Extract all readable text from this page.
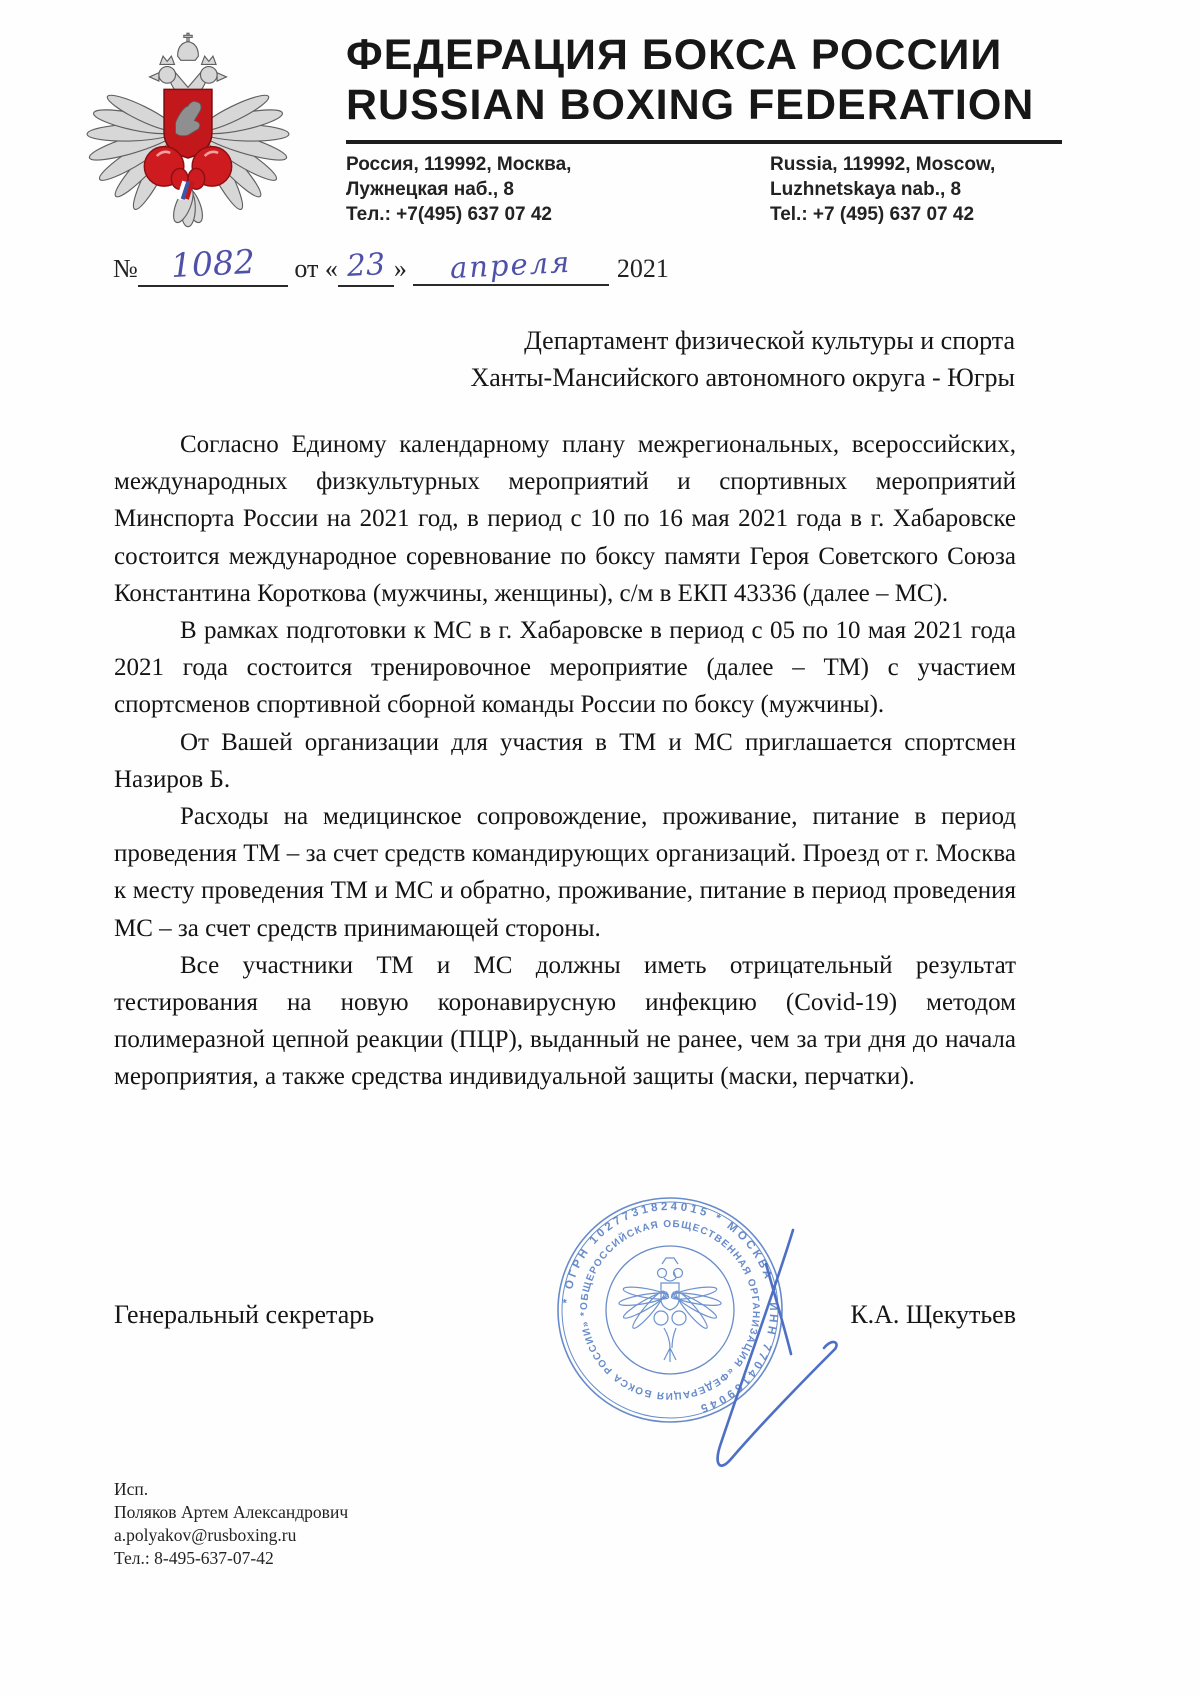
ФЕДЕРАЦИЯ БОКСА РОССИИ
RUSSIAN BOXING FEDERATION
Россия, 119992, Москва,
Лужнецкая наб., 8
Тел.: +7(495) 637 07 42
Russia, 119992, Moscow,
Luzhnetskaya nab., 8
Tel.: +7 (495) 637 07 42
№ 1082 от « 23 » апреля 2021
Департамент физической культуры и спорта
Ханты-Мансийского автономного округа - Югры

Согласно Единому календарному плану межрегиональных, всероссийских, международных физкультурных мероприятий и спортивных мероприятий Минспорта России на 2021 год, в период с 10 по 16 мая 2021 года в г. Хабаровске состоится международное соревнование по боксу памяти Героя Советского Союза Константина Короткова (мужчины, женщины), с/м в ЕКП 43336 (далее – МС).

В рамках подготовки к МС в г. Хабаровске в период с 05 по 10 мая 2021 года 2021 года состоится тренировочное мероприятие (далее – ТМ) с участием спортсменов спортивной сборной команды России по боксу (мужчины).

От Вашей организации для участия в ТМ и МС приглашается спортсмен Назиров Б.

Расходы на медицинское сопровождение, проживание, питание в период проведения ТМ – за счет средств командирующих организаций. Проезд от г. Москва к месту проведения ТМ и МС и обратно, проживание, питание в период проведения МС – за счет средств принимающей стороны.

Все участники ТМ и МС должны иметь отрицательный результат тестирования на новую коронавирусную инфекцию (Covid-19) методом полимеразной цепной реакции (ПЦР), выданный не ранее, чем за три дня до начала мероприятия, а также средства индивидуальной защиты (маски, перчатки).

Генеральный секретарь	К.А. Щекутьев
* ОГРН 1027731824015 * МОСКВА * ИНН 7704169045
ОБЩЕРОССИЙСКАЯ ОБЩЕСТВЕННАЯ ОРГАНИЗАЦИЯ «ФЕДЕРАЦИЯ БОКСА РОССИИ» *
Исп.
Поляков Артем Александрович
a.polyakov@rusboxing.ru
Тел.: 8-495-637-07-42
